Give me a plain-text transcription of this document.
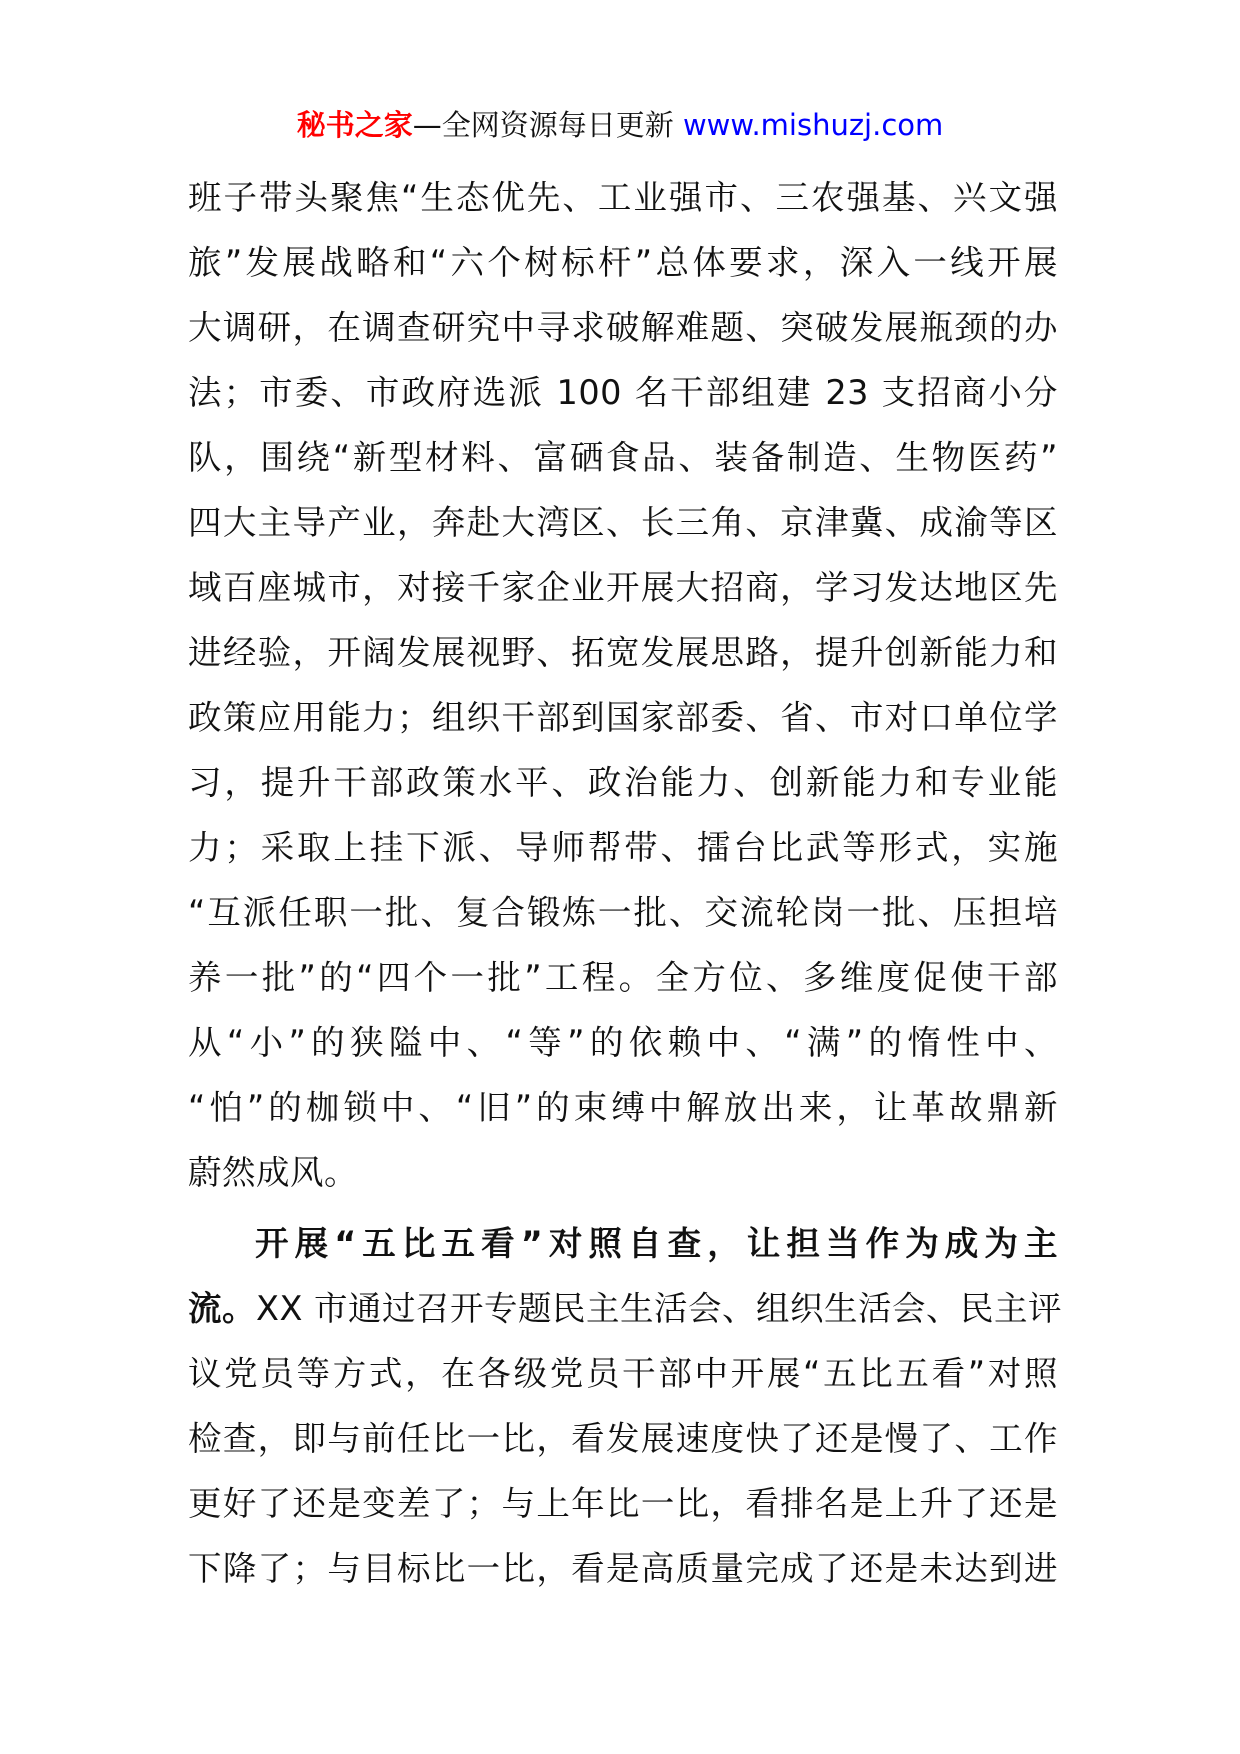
秘书之家—全网资源每日更新 www.mishuzj.com
班子带头聚焦“生态优先、工业强市、三农强基、兴文强
旅”发展战略和“六个树标杆”总体要求，深入一线开展
大调研，在调查研究中寻求破解难题、突破发展瓶颈的办
法；市委、市政府选派 100 名干部组建 23 支招商小分
队，围绕“新型材料、富硒食品、装备制造、生物医药”
四大主导产业，奔赴大湾区、长三角、京津冀、成渝等区
域百座城市，对接千家企业开展大招商，学习发达地区先
进经验，开阔发展视野、拓宽发展思路，提升创新能力和
政策应用能力；组织干部到国家部委、省、市对口单位学
习，提升干部政策水平、政治能力、创新能力和专业能
力；采取上挂下派、导师帮带、擂台比武等形式，实施
“互派任职一批、复合锻炼一批、交流轮岗一批、压担培
养一批”的“四个一批”工程。全方位、多维度促使干部
从“小”的狭隘中、“等”的依赖中、“满”的惰性中、
“怕”的枷锁中、“旧”的束缚中解放出来，让革故鼎新
蔚然成风。
开展“五比五看”对照自查，让担当作为成为主
流。XX 市通过召开专题民主生活会、组织生活会、民主评
议党员等方式，在各级党员干部中开展“五比五看”对照
检查，即与前任比一比，看发展速度快了还是慢了、工作
更好了还是变差了；与上年比一比，看排名是上升了还是
下降了；与目标比一比，看是高质量完成了还是未达到进
